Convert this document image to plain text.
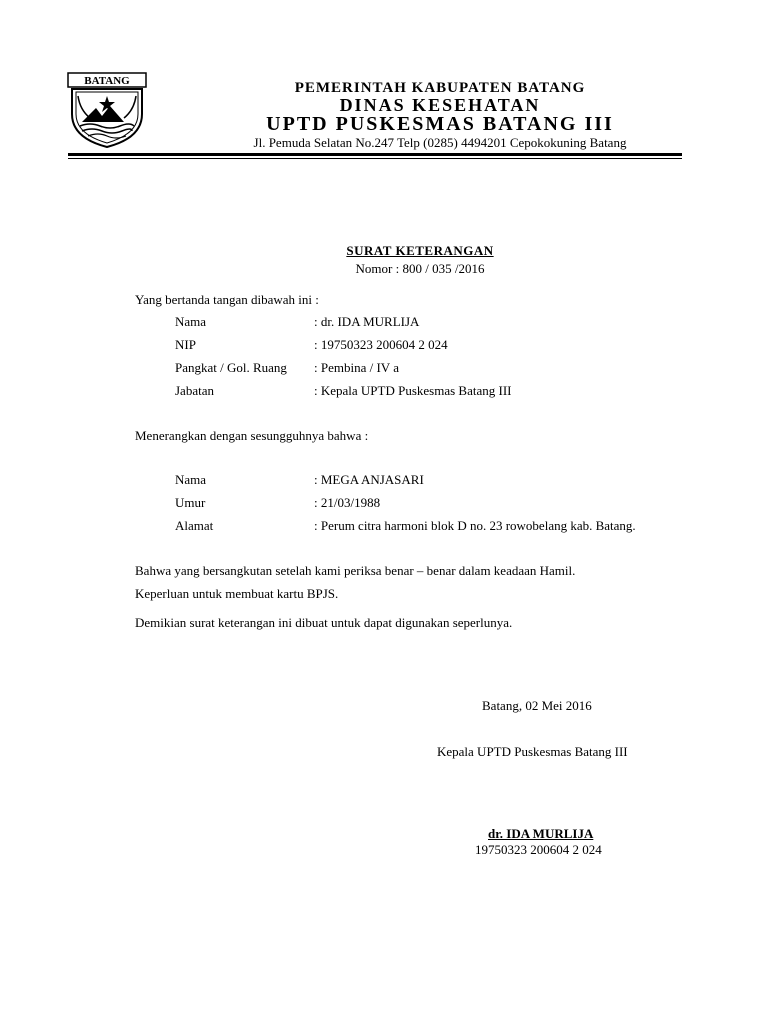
BATANG	PEMERINTAH KABUPATEN BATANG
DINAS KESEHATAN
UPTD PUSKESMAS BATANG III
Jl. Pemuda Selatan No.247 Telp (0285) 4494201 Cepokokuning Batang
SURAT KETERANGAN
Nomor : 800 / 035 /2016
Yang bertanda tangan dibawah ini :
Nama	: dr. IDA MURLIJA
NIP	: 19750323 200604 2 024
Pangkat / Gol. Ruang : Pembina / IV a
Jabatan	: Kepala UPTD Puskesmas Batang III
Menerangkan dengan sesungguhnya bahwa :
Nama	: MEGA ANJASARI
Umur	: 21/03/1988
Alamat	: Perum citra harmoni blok D no. 23 rowobelang kab. Batang.
Bahwa yang bersangkutan setelah kami periksa benar – benar dalam keadaan Hamil.
Keperluan untuk membuat kartu BPJS.
Demikian surat keterangan ini dibuat untuk dapat digunakan seperlunya.
Batang, 02 Mei 2016
Kepala UPTD Puskesmas Batang III
dr. IDA MURLIJA
19750323 200604 2 024
